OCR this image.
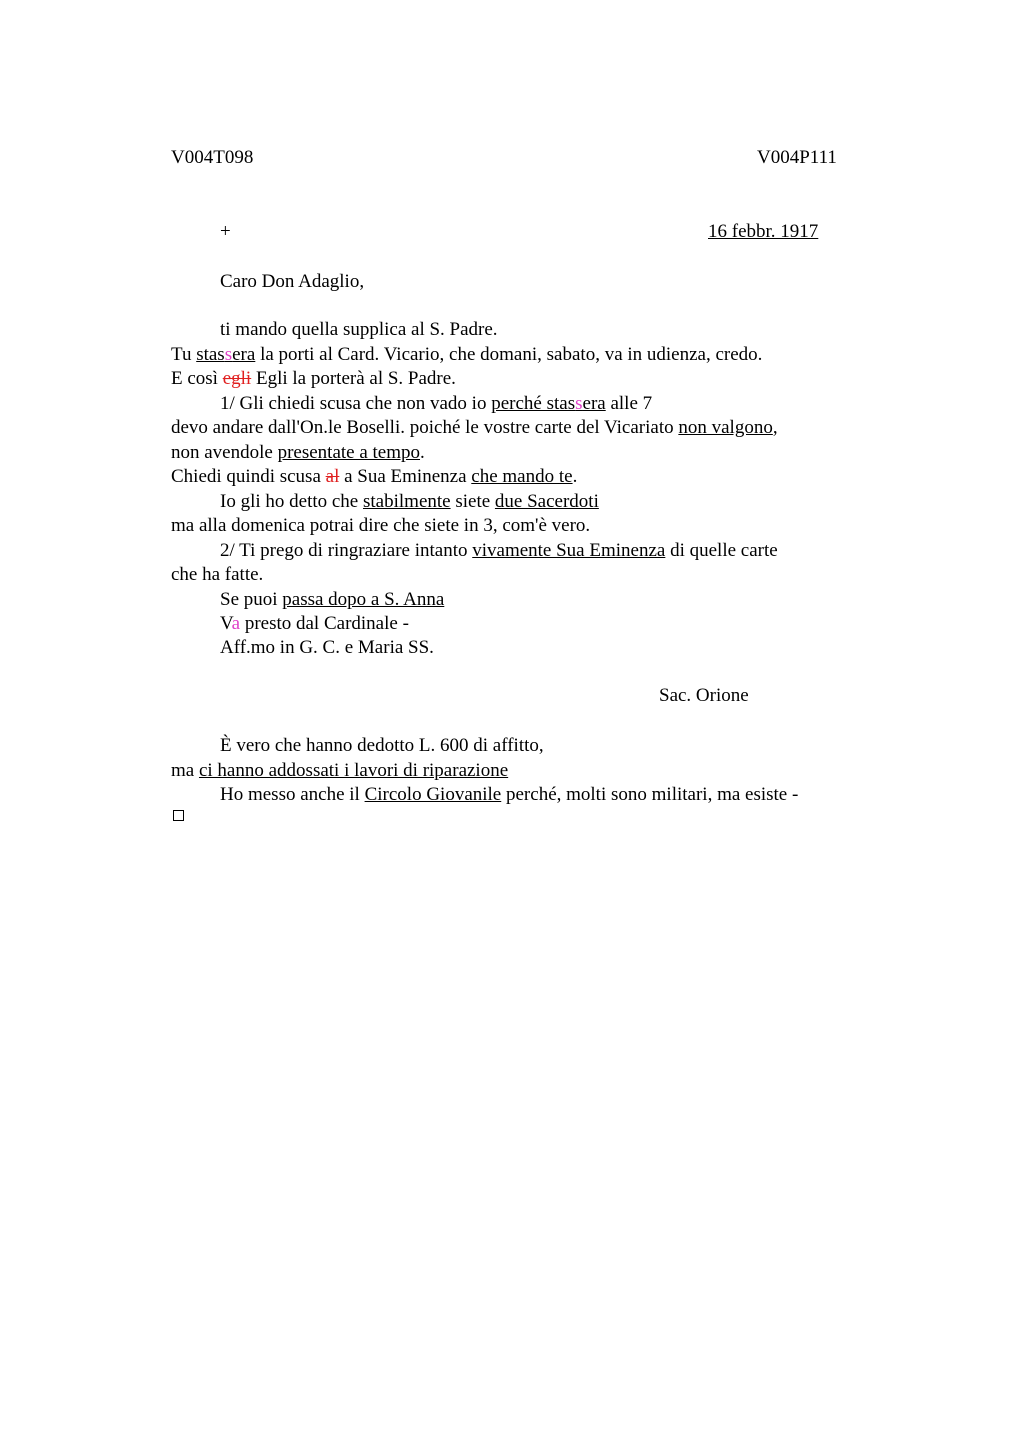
V004T098	V004P111
+	16 febbr. 1917
Caro Don Adaglio,
ti mando quella supplica al S. Padre.
Tu stassera la porti al Card. Vicario, che domani, sabato, va in udienza, credo.
E così egli Egli la porterà al S. Padre.
1/ Gli chiedi scusa che non vado io perché stassera alle 7
devo andare dall'On.le Boselli. poiché le vostre carte del Vicariato non valgono,
non avendole presentate a tempo.
Chiedi quindi scusa al a Sua Eminenza che mando te.
Io gli ho detto che stabilmente siete due Sacerdoti
ma alla domenica potrai dire che siete in 3, com'è vero.
2/ Ti prego di ringraziare intanto vivamente Sua Eminenza di quelle carte
che ha fatte.
Se puoi passa dopo a S. Anna
Va presto dal Cardinale -
Aff.mo in G. C. e Maria SS.
Sac. Orione
È vero che hanno dedotto L. 600 di affitto,
ma ci hanno addossati i lavori di riparazione
Ho messo anche il Circolo Giovanile perché, molti sono militari, ma esiste -
